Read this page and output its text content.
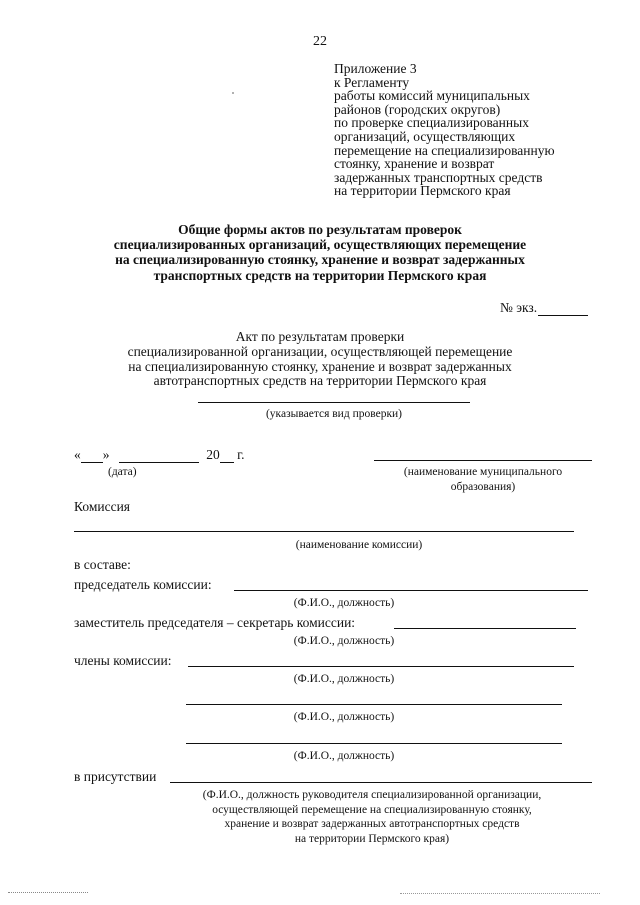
22
Приложение 3
к Регламенту
работы комиссий муниципальных
районов (городских округов)
по проверке специализированных
организаций, осуществляющих
перемещение на специализированную
стоянку, хранение и возврат
задержанных транспортных средств
на территории Пермского края
Общие формы актов по результатам проверок
специализированных организаций, осуществляющих перемещение
на специализированную стоянку, хранение и возврат задержанных
транспортных средств на территории Пермского края
№ экз.
Акт по результатам проверки
специализированной организации, осуществляющей перемещение
на специализированную стоянку, хранение и возврат задержанных
автотранспортных средств на территории Пермского края
(указывается вид проверки)
« »	20 г.
(дата)	(наименование муниципального
образования)
Комиссия
(наименование комиссии)
в составе:
председатель комиссии:
(Ф.И.О., должность)
заместитель председателя – секретарь комиссии:
(Ф.И.О., должность)
члены комиссии:
(Ф.И.О., должность)
(Ф.И.О., должность)
(Ф.И.О., должность)
в присутствии
(Ф.И.О., должность руководителя специализированной организации,
осуществляющей перемещение на специализированную стоянку,
хранение и возврат задержанных автотранспортных средств
на территории Пермского края)
